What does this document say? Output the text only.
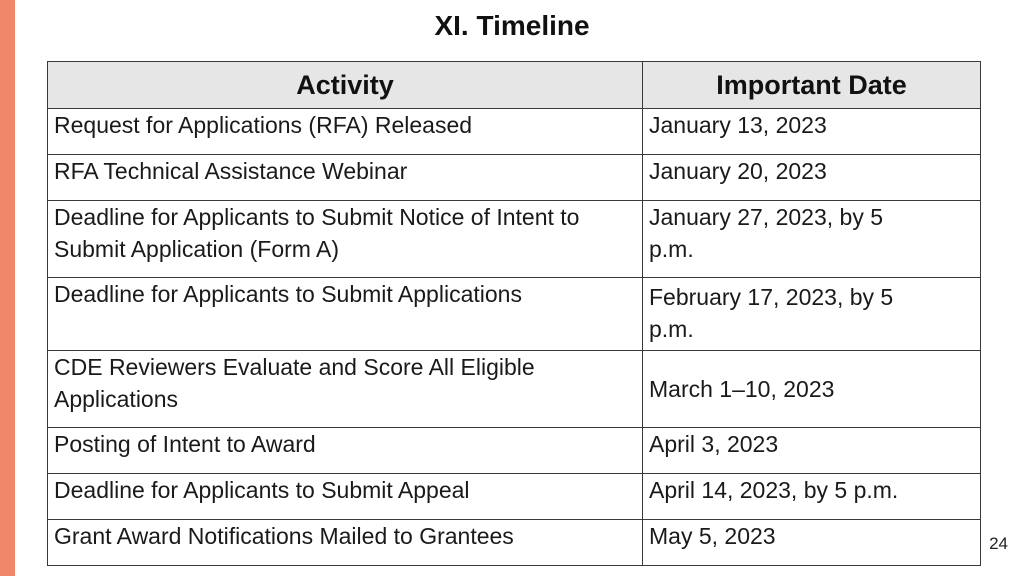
XI. Timeline
Activity	Important Date
Request for Applications (RFA) Released	January 13, 2023
RFA Technical Assistance Webinar	January 20, 2023
Deadline for Applicants to Submit Notice of Intent to Submit Application (Form A)	January 27, 2023, by 5 p.m.
Deadline for Applicants to Submit Applications	February 17, 2023, by 5 p.m.
CDE Reviewers Evaluate and Score All Eligible Applications	March 1–10, 2023
Posting of Intent to Award	April 3, 2023
Deadline for Applicants to Submit Appeal	April 14, 2023, by 5 p.m.
Grant Award Notifications Mailed to Grantees	May 5, 2023	24
